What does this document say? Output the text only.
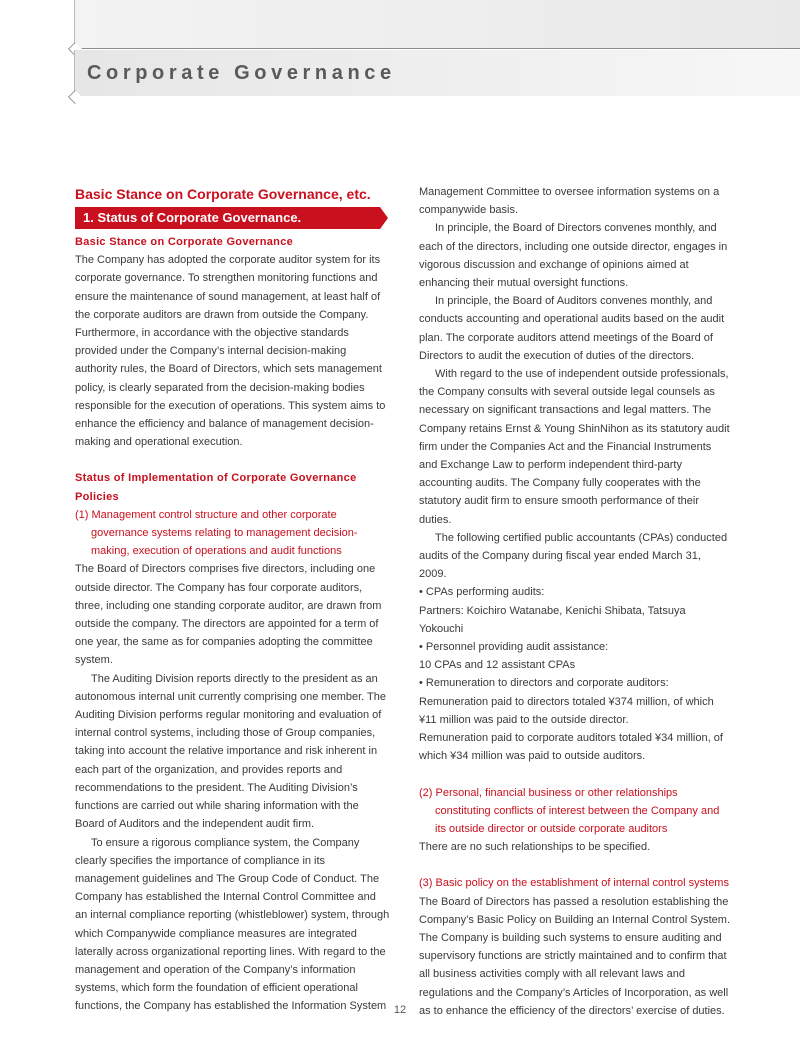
Corporate Governance
Basic Stance on Corporate Governance, etc.
1. Status of Corporate Governance.

Basic Stance on Corporate Governance

The Company has adopted the corporate auditor system for its corporate governance. To strengthen monitoring functions and ensure the maintenance of sound management, at least half of the corporate auditors are drawn from outside the Company. Furthermore, in accordance with the objective standards provided under the Company’s internal decision-making authority rules, the Board of Directors, which sets management policy, is clearly separated from the decision-making bodies responsible for the execution of operations. This system aims to enhance the efficiency and balance of management decision-making and operational execution.

Status of Implementation of Corporate Governance Policies

(1) Management control structure and other corporate governance systems relating to management decision-making, execution of operations and audit functions

The Board of Directors comprises five directors, including one outside director. The Company has four corporate auditors, three, including one standing corporate auditor, are drawn from outside the company. The directors are appointed for a term of one year, the same as for companies adopting the committee system.

The Auditing Division reports directly to the president as an autonomous internal unit currently comprising one member. The Auditing Division performs regular monitoring and evaluation of internal control systems, including those of Group companies, taking into account the relative importance and risk inherent in each part of the organization, and provides reports and recommendations to the president. The Auditing Division’s functions are carried out while sharing information with the Board of Auditors and the independent audit firm.

To ensure a rigorous compliance system, the Company clearly specifies the importance of compliance in its management guidelines and The Group Code of Conduct. The Company has established the Internal Control Committee and an internal compliance reporting (whistleblower) system, through which Companywide compliance measures are integrated laterally across organizational reporting lines. With regard to the management and operation of the Company’s information systems, which form the foundation of efficient operational functions, the Company has established the Information System

Management Committee to oversee information systems on a companywide basis.

In principle, the Board of Directors convenes monthly, and each of the directors, including one outside director, engages in vigorous discussion and exchange of opinions aimed at enhancing their mutual oversight functions.

In principle, the Board of Auditors convenes monthly, and conducts accounting and operational audits based on the audit plan. The corporate auditors attend meetings of the Board of Directors to audit the execution of duties of the directors.

With regard to the use of independent outside professionals, the Company consults with several outside legal counsels as necessary on significant transactions and legal matters. The Company retains Ernst & Young ShinNihon as its statutory audit firm under the Companies Act and the Financial Instruments and Exchange Law to perform independent third-party accounting audits. The Company fully cooperates with the statutory audit firm to ensure smooth performance of their duties.

The following certified public accountants (CPAs) conducted audits of the Company during fiscal year ended March 31, 2009.

• CPAs performing audits:

Partners: Koichiro Watanabe, Kenichi Shibata, Tatsuya Yokouchi

• Personnel providing audit assistance:

10 CPAs and 12 assistant CPAs

• Remuneration to directors and corporate auditors:

Remuneration paid to directors totaled ¥374 million, of which ¥11 million was paid to the outside director.

Remuneration paid to corporate auditors totaled ¥34 million, of which ¥34 million was paid to outside auditors.

(2) Personal, financial business or other relationships constituting conflicts of interest between the Company and its outside director or outside corporate auditors

There are no such relationships to be specified.

(3) Basic policy on the establishment of internal control systems

The Board of Directors has passed a resolution establishing the Company’s Basic Policy on Building an Internal Control System. The Company is building such systems to ensure auditing and supervisory functions are strictly maintained and to confirm that all business activities comply with all relevant laws and regulations and the Company’s Articles of Incorporation, as well as to enhance the efficiency of the directors’ exercise of duties.

12
